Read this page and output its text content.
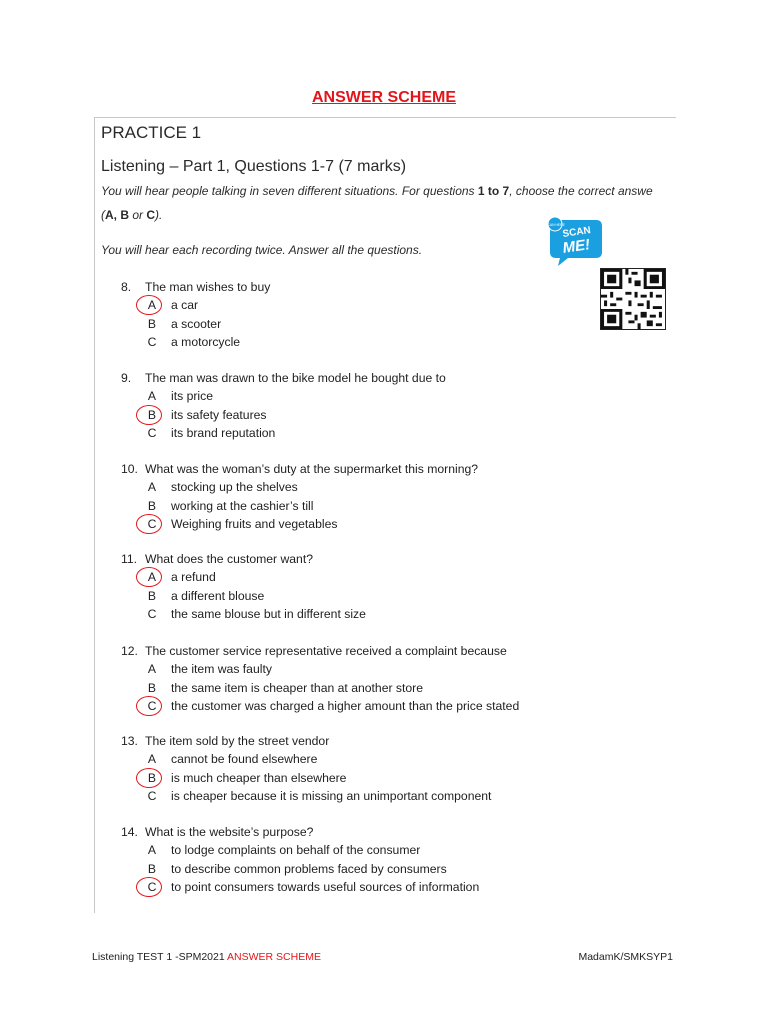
ANSWER SCHEME
PRACTICE 1
Listening – Part 1, Questions 1-7 (7 marks)
You will hear people talking in seven different situations. For questions 1 to 7, choose the correct answe
(A, B or C).
You will hear each recording twice. Answer all the questions.
SCAN HERE
SCAN
ME!
8. The man wishes to buy
A a car
B a scooter
C a motorcycle
9. The man was drawn to the bike model he bought due to
A its price
B its safety features
C its brand reputation
10. What was the woman’s duty at the supermarket this morning?
A stocking up the shelves
B working at the cashier’s till
C Weighing fruits and vegetables
11. What does the customer want?
A a refund
B a different blouse
C the same blouse but in different size
12. The customer service representative received a complaint because
A the item was faulty
B the same item is cheaper than at another store
C the customer was charged a higher amount than the price stated
13. The item sold by the street vendor
A cannot be found elsewhere
B is much cheaper than elsewhere
C is cheaper because it is missing an unimportant component
14. What is the website’s purpose?
A to lodge complaints on behalf of the consumer
B to describe common problems faced by consumers
C to point consumers towards useful sources of information
Listening TEST 1 -SPM2021 ANSWER SCHEME	MadamK/SMKSYP1
